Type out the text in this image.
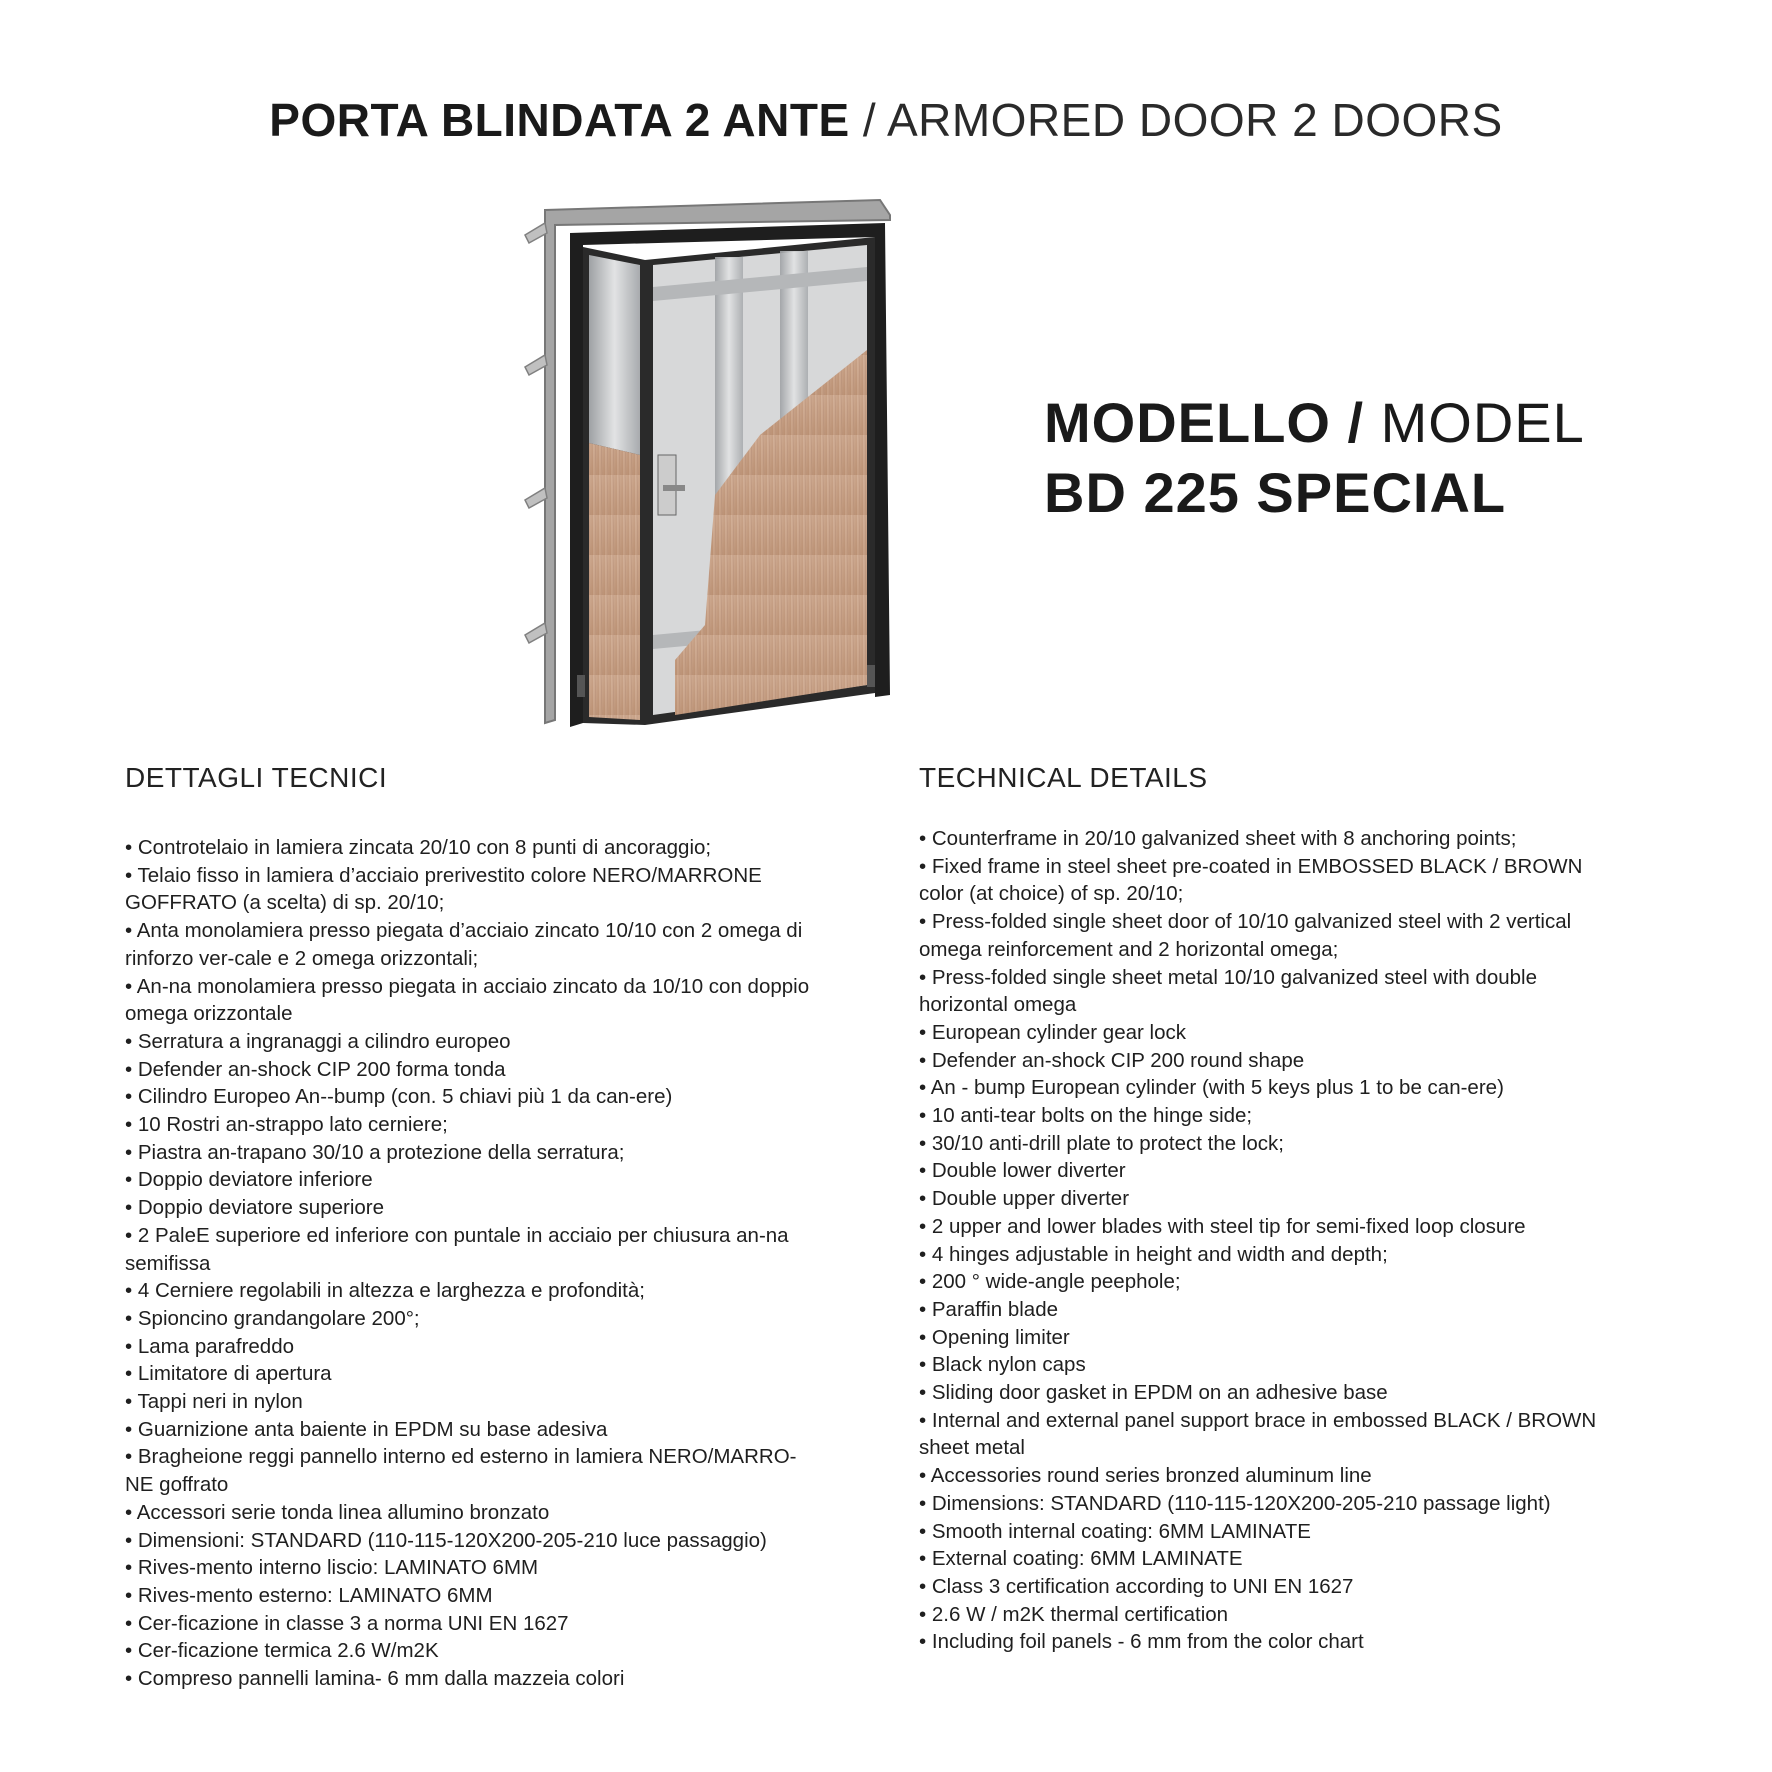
PORTA BLINDATA 2 ANTE / ARMORED DOOR 2 DOORS
MODELLO / MODEL
BD 225 SPECIAL
DETTAGLI TECNICI
• Controtelaio in lamiera zincata 20/10 con 8 punti di ancoraggio;
• Telaio fisso in lamiera d’acciaio prerivestito colore NERO/MARRONE
GOFFRATO (a scelta) di sp. 20/10;
• Anta monolamiera presso piegata d’acciaio zincato 10/10 con 2 omega di
rinforzo ver-cale e 2 omega orizzontali;
• An-na monolamiera presso piegata in acciaio zincato da 10/10 con doppio
omega orizzontale
• Serratura a ingranaggi a cilindro europeo
• Defender an-shock CIP 200 forma tonda
• Cilindro Europeo An--bump (con. 5 chiavi più 1 da can-ere)
• 10 Rostri an-strappo lato cerniere;
• Piastra an-trapano 30/10 a protezione della serratura;
• Doppio deviatore inferiore
• Doppio deviatore superiore
• 2 PaleE superiore ed inferiore con puntale in acciaio per chiusura an-na
semifissa
• 4 Cerniere regolabili in altezza e larghezza e profondità;
• Spioncino grandangolare 200°;
• Lama parafreddo
• Limitatore di apertura
• Tappi neri in nylon
• Guarnizione anta baiente in EPDM su base adesiva
• Bragheione reggi pannello interno ed esterno in lamiera NERO/MARRO-
NE goffrato
• Accessori serie tonda linea allumino bronzato
• Dimensioni: STANDARD (110-115-120X200-205-210 luce passaggio)
• Rives-mento interno liscio: LAMINATO 6MM
• Rives-mento esterno: LAMINATO 6MM
• Cer-ficazione in classe 3 a norma UNI EN 1627
• Cer-ficazione termica 2.6 W/m2K
• Compreso pannelli lamina- 6 mm dalla mazzeia colori
TECHNICAL DETAILS
• Counterframe in 20/10 galvanized sheet with 8 anchoring points;
• Fixed frame in steel sheet pre-coated in EMBOSSED BLACK / BROWN
color (at choice) of sp. 20/10;
• Press-folded single sheet door of 10/10 galvanized steel with 2 vertical
omega reinforcement and 2 horizontal omega;
• Press-folded single sheet metal 10/10 galvanized steel with double
horizontal omega
• European cylinder gear lock
• Defender an-shock CIP 200 round shape
• An - bump European cylinder (with 5 keys plus 1 to be can-ere)
• 10 anti-tear bolts on the hinge side;
• 30/10 anti-drill plate to protect the lock;
• Double lower diverter
• Double upper diverter
• 2 upper and lower blades with steel tip for semi-fixed loop closure
• 4 hinges adjustable in height and width and depth;
• 200 ° wide-angle peephole;
• Paraffin blade
• Opening limiter
• Black nylon caps
• Sliding door gasket in EPDM on an adhesive base
• Internal and external panel support brace in embossed BLACK / BROWN
sheet metal
• Accessories round series bronzed aluminum line
• Dimensions: STANDARD (110-115-120X200-205-210 passage light)
• Smooth internal coating: 6MM LAMINATE
• External coating: 6MM LAMINATE
• Class 3 certification according to UNI EN 1627
• 2.6 W / m2K thermal certification
• Including foil panels - 6 mm from the color chart
